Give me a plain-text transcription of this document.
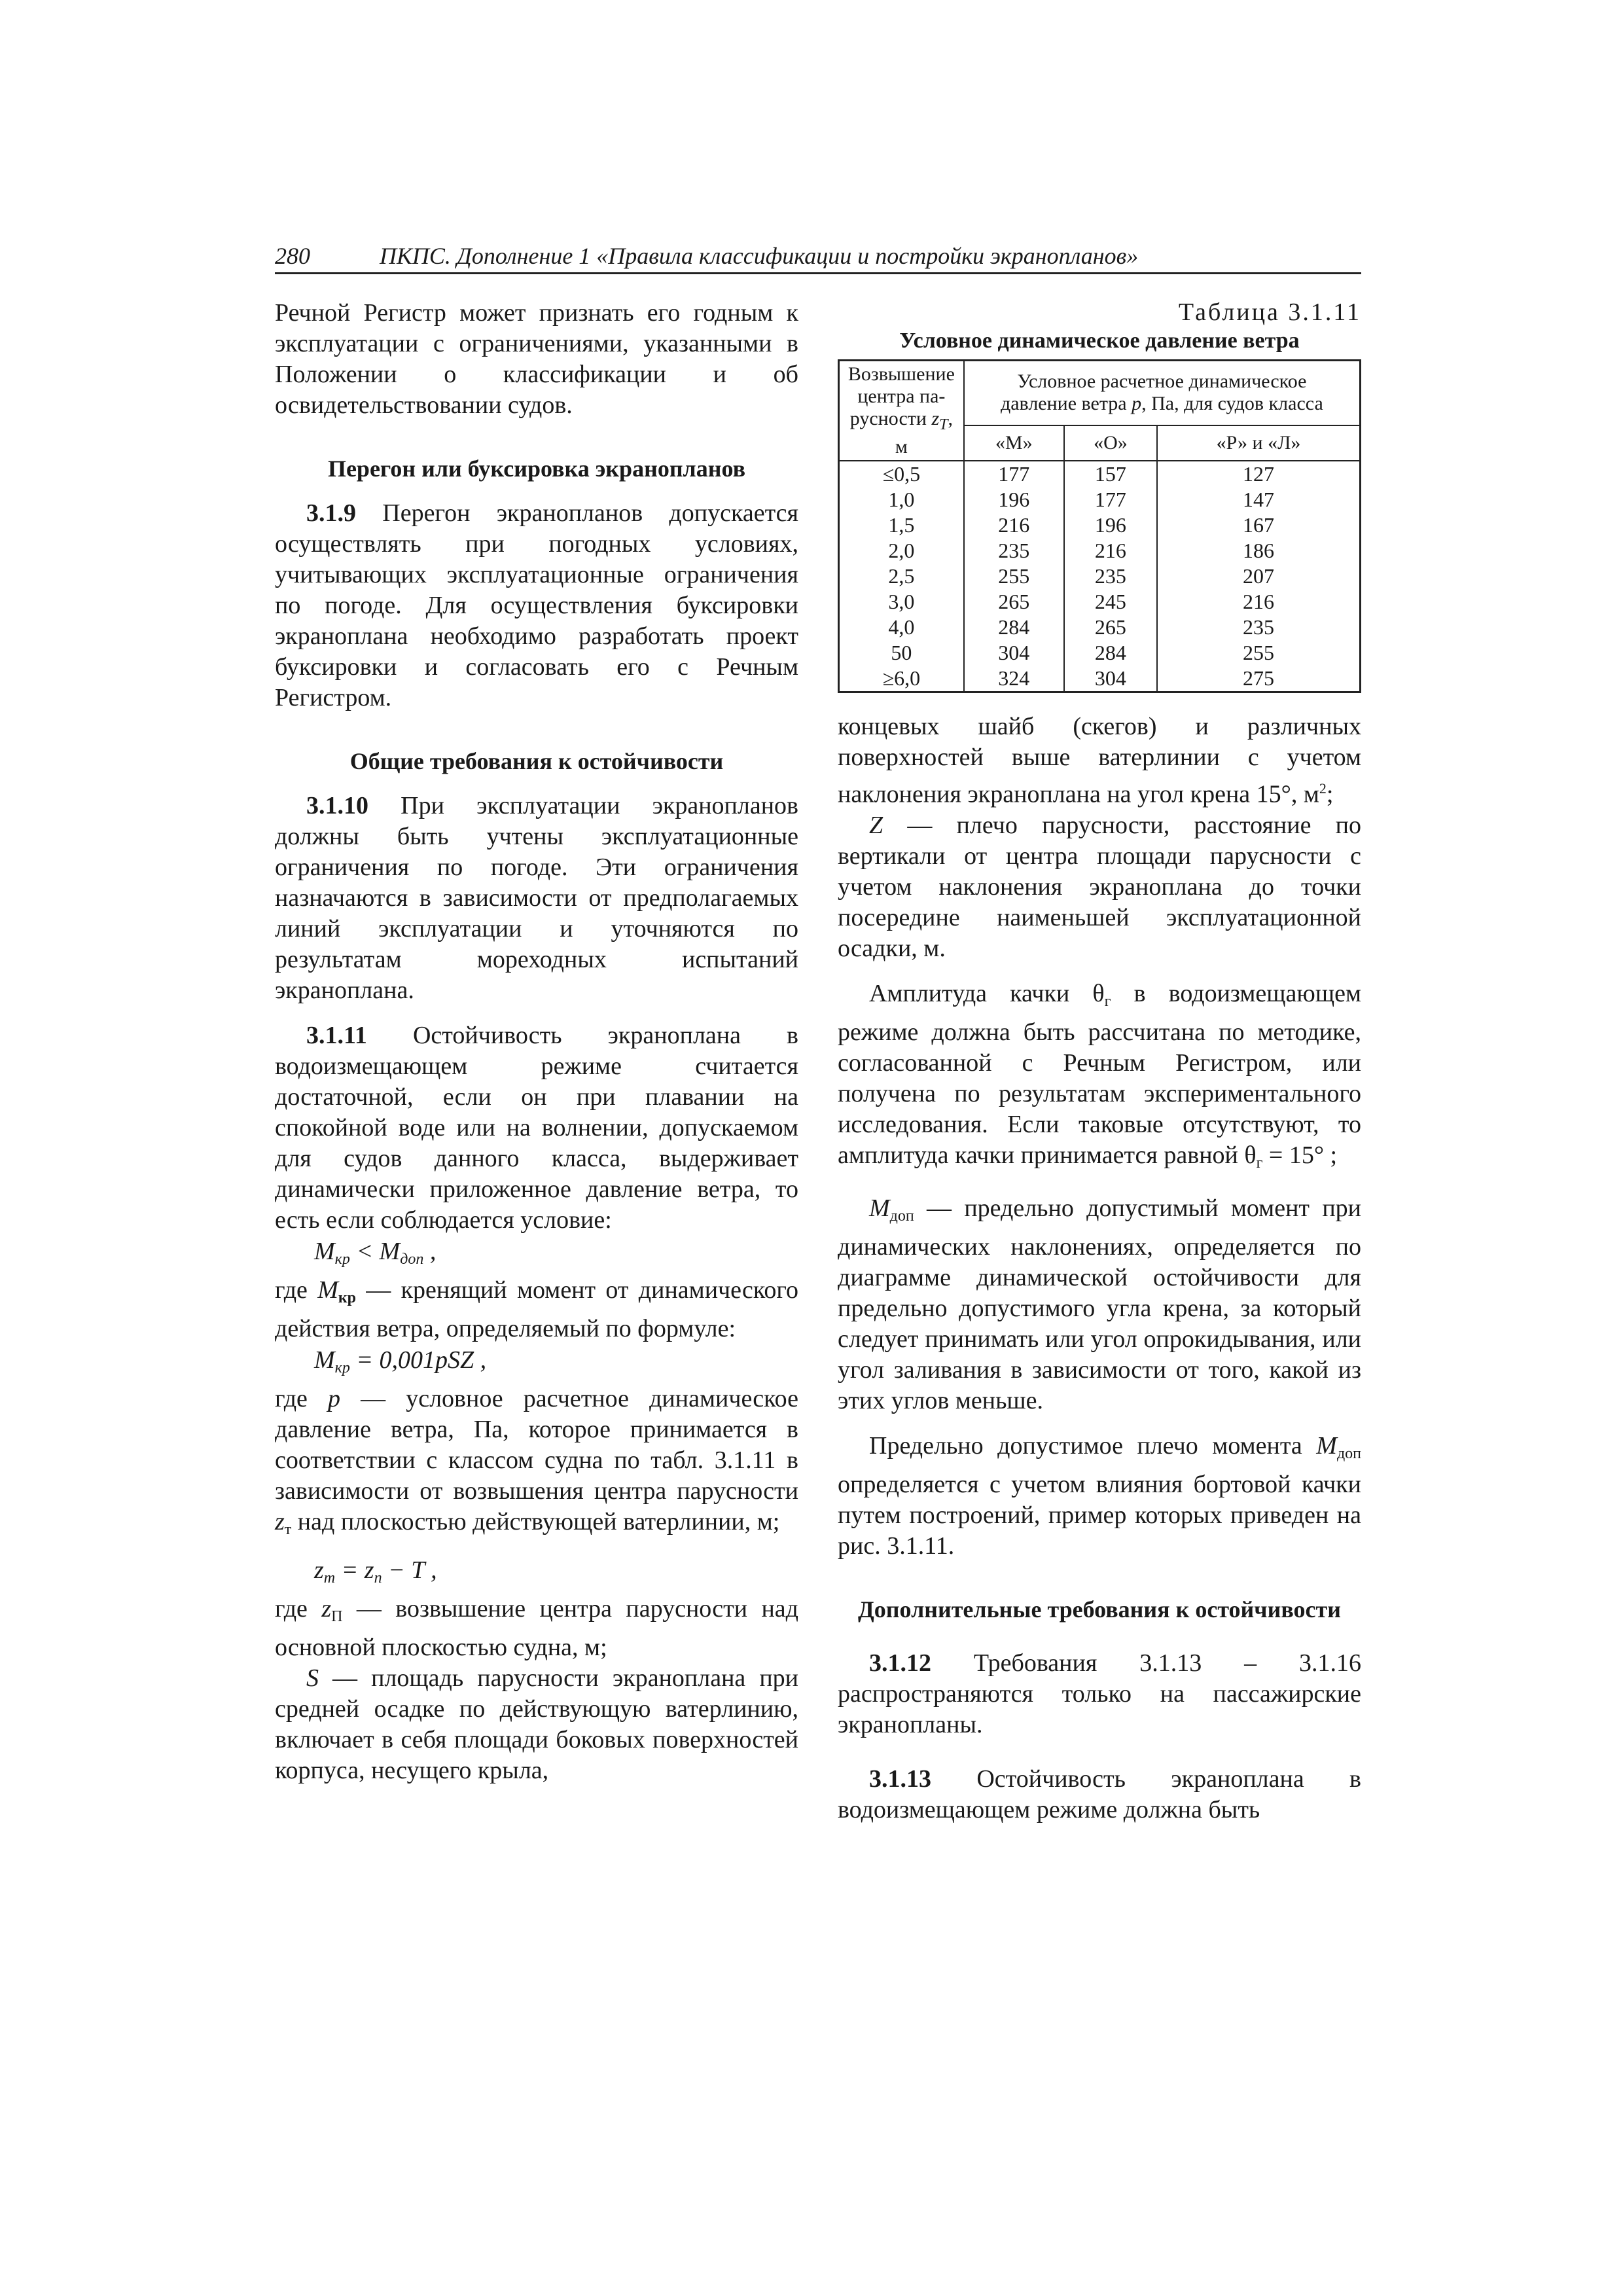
280	ПКПС. Дополнение 1 «Правила классификации и постройки экранопланов»

Речной Регистр может признать его годным к эксплуатации с ограничениями, указанными в Положении о классификации и об освидетельствовании судов.

Перегон или буксировка экранопланов

3.1.9 Перегон экранопланов допускается осуществлять при погодных условиях, учитывающих эксплуатационные ограничения по погоде. Для осуществления буксировки экраноплана необходимо разработать проект буксировки и согласовать его с Речным Регистром.

Общие требования к остойчивости

3.1.10 При эксплуатации экранопланов должны быть учтены эксплуатационные ограничения по погоде. Эти ограничения назначаются в зависимости от предполагаемых линий эксплуатации и уточняются по результатам мореходных испытаний экраноплана.

3.1.11 Остойчивость экраноплана в водоизмещающем режиме считается достаточной, если он при плавании на спокойной воде или на волнении, допускаемом для судов данного класса, выдерживает динамически приложенное давление ветра, то есть если соблюдается условие:

$M_{кр} < M_{доп}$ ,

где $M_{кр}$ — кренящий момент от динамического действия ветра, определяемый по формуле:

$M_{кр} = 0,001pSZ$ ,

где p — условное расчетное динамическое давление ветра, Па, которое принимается в соответствии с классом судна по табл. 3.1.11 в зависимости от возвышения центра парусности $z_т$ над плоскостью действующей ватерлинии, м;

$z_т = z_п - T$ ,

где $z_П$ — возвышение центра парусности над основной плоскостью судна, м;

S — площадь парусности экраноплана при средней осадке по действующую ватерлинию, включает в себя площади боковых поверхностей корпуса, несущего крыла,

Таблица 3.1.11
Условное динамическое давление ветра
Возвышение
центра па-
русности $z_T$, м	Условное расчетное динамическое
давление ветра p, Па, для судов класса		
	«М»	«О»	«Р» и «Л»
≤0,5	177	157	127
1,0	196	177	147
1,5	216	196	167
2,0	235	216	186
2,5	255	235	207
3,0	265	245	216
4,0	284	265	235
50	304	284	255
≥6,0	324	304	275

концевых шайб (скегов) и различных поверхностей выше ватерлинии с учетом наклонения экраноплана на угол крена 15°, $м^2$;

Z — плечо парусности, расстояние по вертикали от центра площади парусности с учетом наклонения экраноплана до точки посередине наименьшей эксплуатационной осадки, м.

Амплитуда качки $\theta_г$ в водоизмещающем режиме должна быть рассчитана по методике, согласованной с Речным Регистром, или получена по результатам экспериментального исследования. Если таковые отсутствуют, то амплитуда качки принимается равной $\theta_г = 15^\circ$ ;

$M_{доп}$ — предельно допустимый момент при динамических наклонениях, определяется по диаграмме динамической остойчивости для предельно допустимого угла крена, за который следует принимать или угол опрокидывания, или угол заливания в зависимости от того, какой из этих углов меньше.

Предельно допустимое плечо момента $M_{доп}$ определяется с учетом влияния бортовой качки путем построений, пример которых приведен на рис. 3.1.11.

Дополнительные требования к остойчивости

3.1.12 Требования 3.1.13 – 3.1.16 распространяются только на пассажирские экранопланы.

3.1.13 Остойчивость экраноплана в водоизмещающем режиме должна быть
